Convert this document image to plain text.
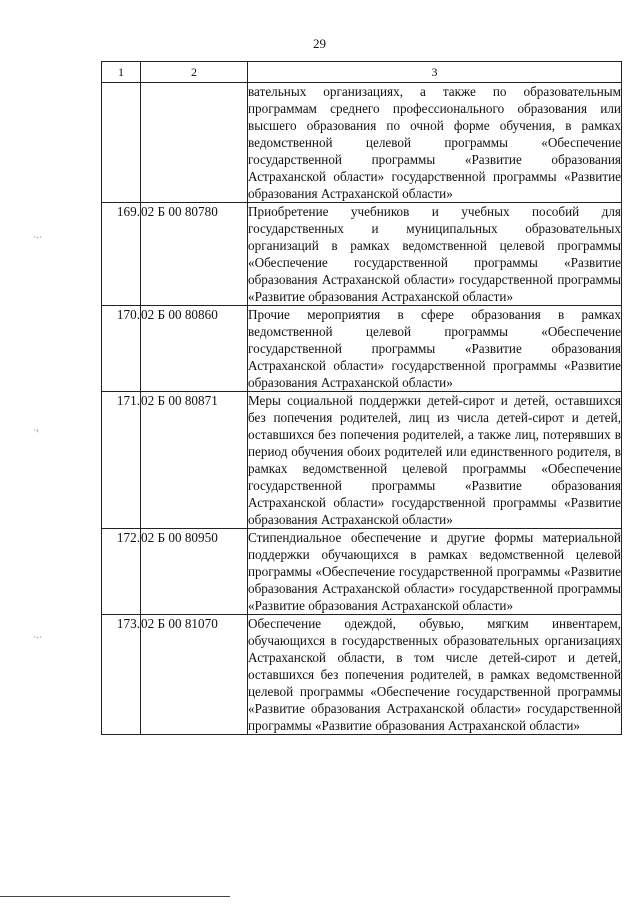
29
·-·
·‹
·-·
1	2	3
		вательных организациях, а также по образовательным программам среднего профессионального образования или высшего образования по очной форме обучения, в рамках ведомственной целевой программы «Обеспечение государственной программы «Развитие образования Астраханской области» государственной программы «Развитие образования Астраханской области»
169.	02 Б 00 80780	Приобретение учебников и учебных пособий для государственных и муниципальных образовательных организаций в рамках ведомственной целевой программы «Обеспечение государственной программы «Развитие образования Астраханской области» государственной программы «Развитие образования Астраханской области»
170.	02 Б 00 80860	Прочие мероприятия в сфере образования в рамках ведомственной целевой программы «Обеспечение государственной программы «Развитие образования Астраханской области» государственной программы «Развитие образования Астраханской области»
171.	02 Б 00 80871	Меры социальной поддержки детей-сирот и детей, оставшихся без попечения родителей, лиц из числа детей-сирот и детей, оставшихся без попечения родителей, а также лиц, потерявших в период обучения обоих родителей или единственного родителя, в рамках ведомственной целевой программы «Обеспечение государственной программы «Развитие образования Астраханской области» государственной программы «Развитие образования Астраханской области»
172.	02 Б 00 80950	Стипендиальное обеспечение и другие формы материальной поддержки обучающихся в рамках ведомственной целевой программы «Обеспечение государственной программы «Развитие образования Астраханской области» государственной программы «Развитие образования Астраханской области»
173.	02 Б 00 81070	Обеспечение одеждой, обувью, мягким инвентарем, обучающихся в государственных образовательных организациях Астраханской области, в том числе детей-сирот и детей, оставшихся без попечения родителей, в рамках ведомственной целевой программы «Обеспечение государственной программы «Развитие образования Астраханской области» государственной программы «Развитие образования Астраханской области»
